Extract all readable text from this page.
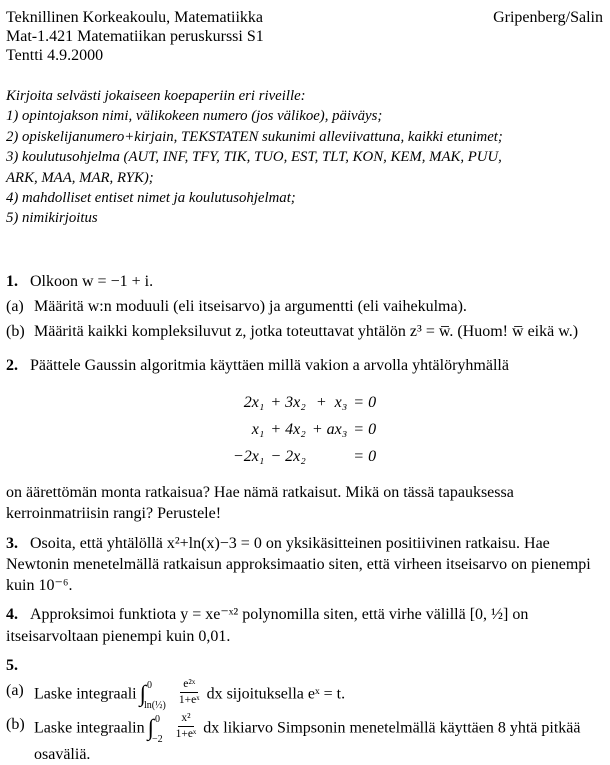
Teknillinen Korkeakoulu, Matematiikka
Mat-1.421 Matematiikan peruskurssi S1
Tentti 4.9.2000
Gripenberg/Salin
Kirjoita selvästi jokaiseen koepaperiin eri riveille:
1) opintojakson nimi, välikokeen numero (jos välikoe), päiväys;
2) opiskelijanumero+kirjain, TEKSTATEN sukunimi alleviivattuna, kaikki etunimet;
3) koulutusohjelma (AUT, INF, TFY, TIK, TUO, EST, TLT, KON, KEM, MAK, PUU,
ARK, MAA, MAR, RYK);
4) mahdolliset entiset nimet ja koulutusohjelmat;
5) nimikirjoitus
1. Olkoon w = −1 + i.
(a) Määritä w:n moduuli (eli itseisarvo) ja argumentti (eli vaihekulma).
(b) Määritä kaikki kompleksiluvut z, jotka toteuttavat yhtälön z³ = w̅. (Huom! w̅ eikä w.)
2. Päättele Gaussin algoritmia käyttäen millä vakion a arvolla yhtälöryhmällä
2x₁	+ 3x₂	+  x₃	= 0
x₁	+ 4x₂	+ ax₃	= 0
−2x₁	− 2x₂		= 0
on äärettömän monta ratkaisua? Hae nämä ratkaisut. Mikä on tässä tapauksessa kerroinmatriisin rangi? Perustele!
3. Osoita, että yhtälöllä x²+ln(x)−3 = 0 on yksikäsitteinen positiivinen ratkaisu. Hae Newtonin menetelmällä ratkaisun approksimaatio siten, että virheen itseisarvo on pienempi kuin 10⁻⁶.
4. Approksimoi funktiota y = xe⁻ˣ² polynomilla siten, että virhe välillä [0, ½] on itseisarvoltaan pienempi kuin 0,01.
5.
(a) Laske integraali ∫ 0
ln(½) $\frac{\text{e²ˣ}}{\text{1+eˣ}}$ dx sijoituksella eˣ = t.
(b) Laske integraalin ∫ 0
$-2 \frac{\text{x²}}{\text{1+eˣ}}$ dx likiarvo Simpsonin menetelmällä käyttäen 8 yhtä pitkää osaväliä.
